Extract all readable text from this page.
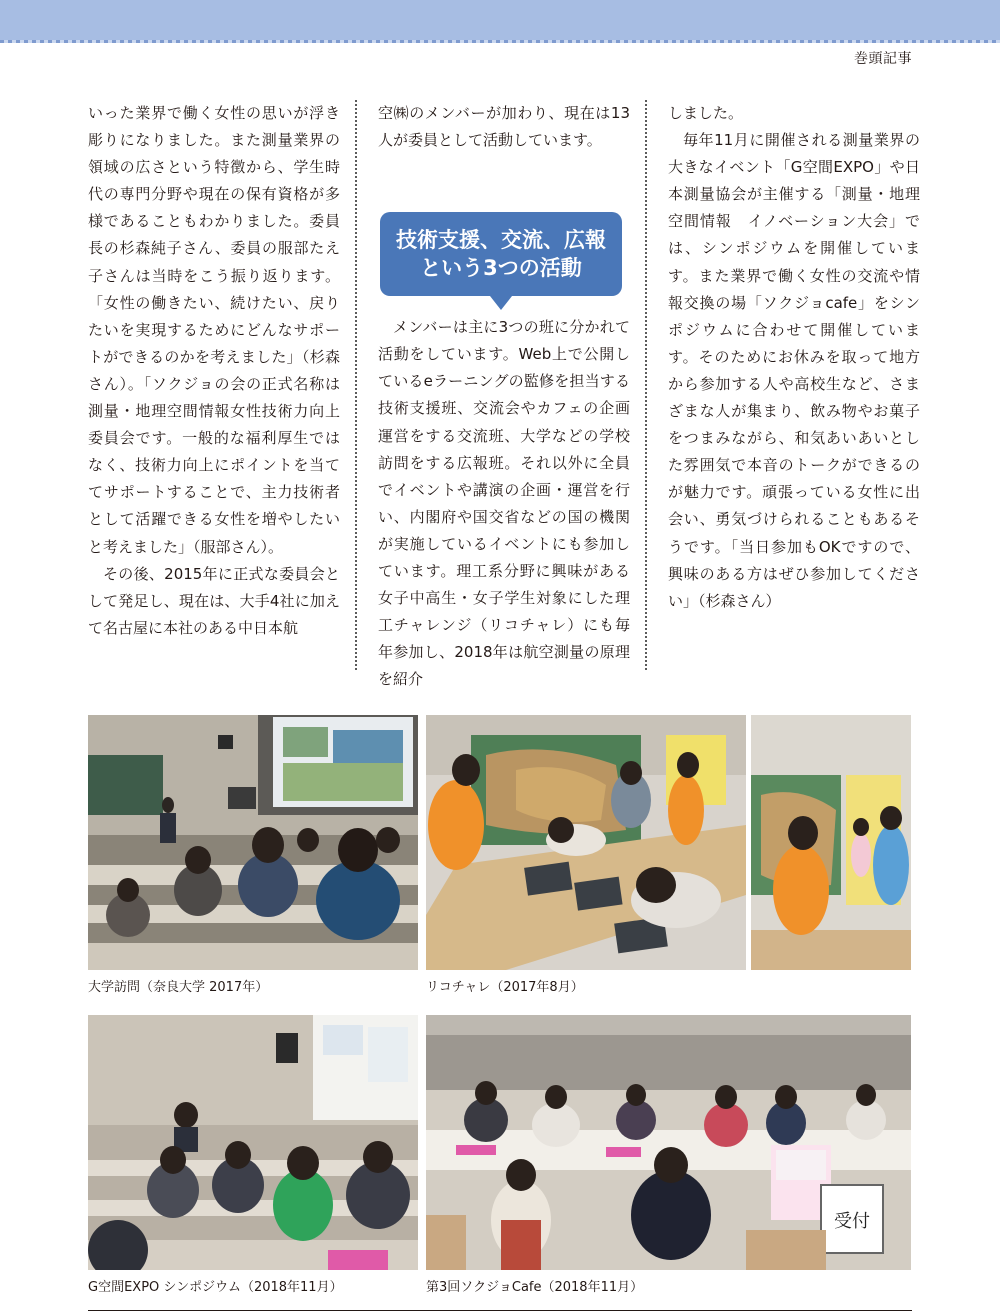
巻頭記事

いった業界で働く女性の思いが浮き彫りになりました。また測量業界の領域の広さという特徴から、学生時代の専門分野や現在の保有資格が多様であることもわかりました。委員長の杉森純子さん、委員の服部たえ子さんは当時をこう振り返ります。「女性の働きたい、続けたい、戻りたいを実現するためにどんなサポートができるのかを考えました」（杉森さん）。「ソクジョの会の正式名称は測量・地理空間情報女性技術力向上委員会です。一般的な福利厚生ではなく、技術力向上にポイントを当ててサポートすることで、主力技術者として活躍できる女性を増やしたいと考えました」（服部さん）。

その後、2015年に正式な委員会として発足し、現在は、大手4社に加えて名古屋に本社のある中日本航

空㈱のメンバーが加わり、現在は13人が委員として活動しています。

技術支援、交流、広報
という3つの活動

メンバーは主に3つの班に分かれて活動をしています。Web上で公開しているeラーニングの監修を担当する技術支援班、交流会やカフェの企画運営をする交流班、大学などの学校訪問をする広報班。それ以外に全員でイベントや講演の企画・運営を行い、内閣府や国交省などの国の機関が実施しているイベントにも参加しています。理工系分野に興味がある女子中高生・女子学生対象にした理工チャレンジ（リコチャレ）にも毎年参加し、2018年は航空測量の原理を紹介

しました。

毎年11月に開催される測量業界の大きなイベント「G空間EXPO」や日本測量協会が主催する「測量・地理空間情報　イノベーション大会」では、シンポジウムを開催しています。また業界で働く女性の交流や情報交換の場「ソクジョcafe」をシンポジウムに合わせて開催しています。そのためにお休みを取って地方から参加する人や高校生など、さまざまな人が集まり、飲み物やお菓子をつまみながら、和気あいあいとした雰囲気で本音のトークができるのが魅力です。頑張っている女性に出会い、勇気づけられることもあるそうです。「当日参加もOKですので、興味のある方はぜひ参加してください」（杉森さん）

大学訪問（奈良大学 2017年）	リコチャレ（2017年8月）
G空間EXPO シンポジウム（2018年11月）
受付
第3回ソクジョCafe（2018年11月）
